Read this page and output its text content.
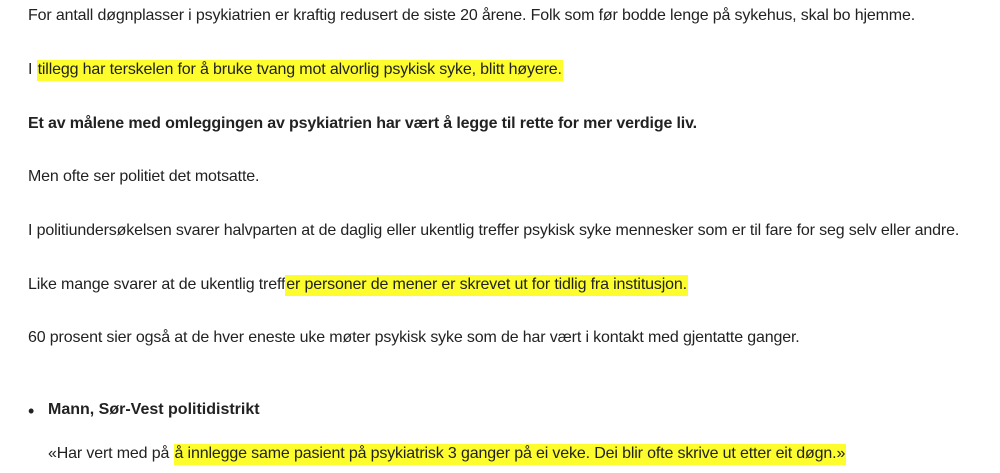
For antall døgnplasser i psykiatrien er kraftig redusert de siste 20 årene. Folk som før bodde lenge på sykehus, skal bo hjemme.
I tillegg har terskelen for å bruke tvang mot alvorlig psykisk syke, blitt høyere.
Et av målene med omleggingen av psykiatrien har vært å legge til rette for mer verdige liv.
Men ofte ser politiet det motsatte.
I politiundersøkelsen svarer halvparten at de daglig eller ukentlig treffer psykisk syke mennesker som er til fare for seg selv eller andre.
Like mange svarer at de ukentlig treffer personer de mener er skrevet ut for tidlig fra institusjon.
60 prosent sier også at de hver eneste uke møter psykisk syke som de har vært i kontakt med gjentatte ganger.
• Mann, Sør-Vest politidistrikt
«Har vert med på å innlegge same pasient på psykiatrisk 3 ganger på ei veke. Dei blir ofte skrive ut etter eit døgn.»
